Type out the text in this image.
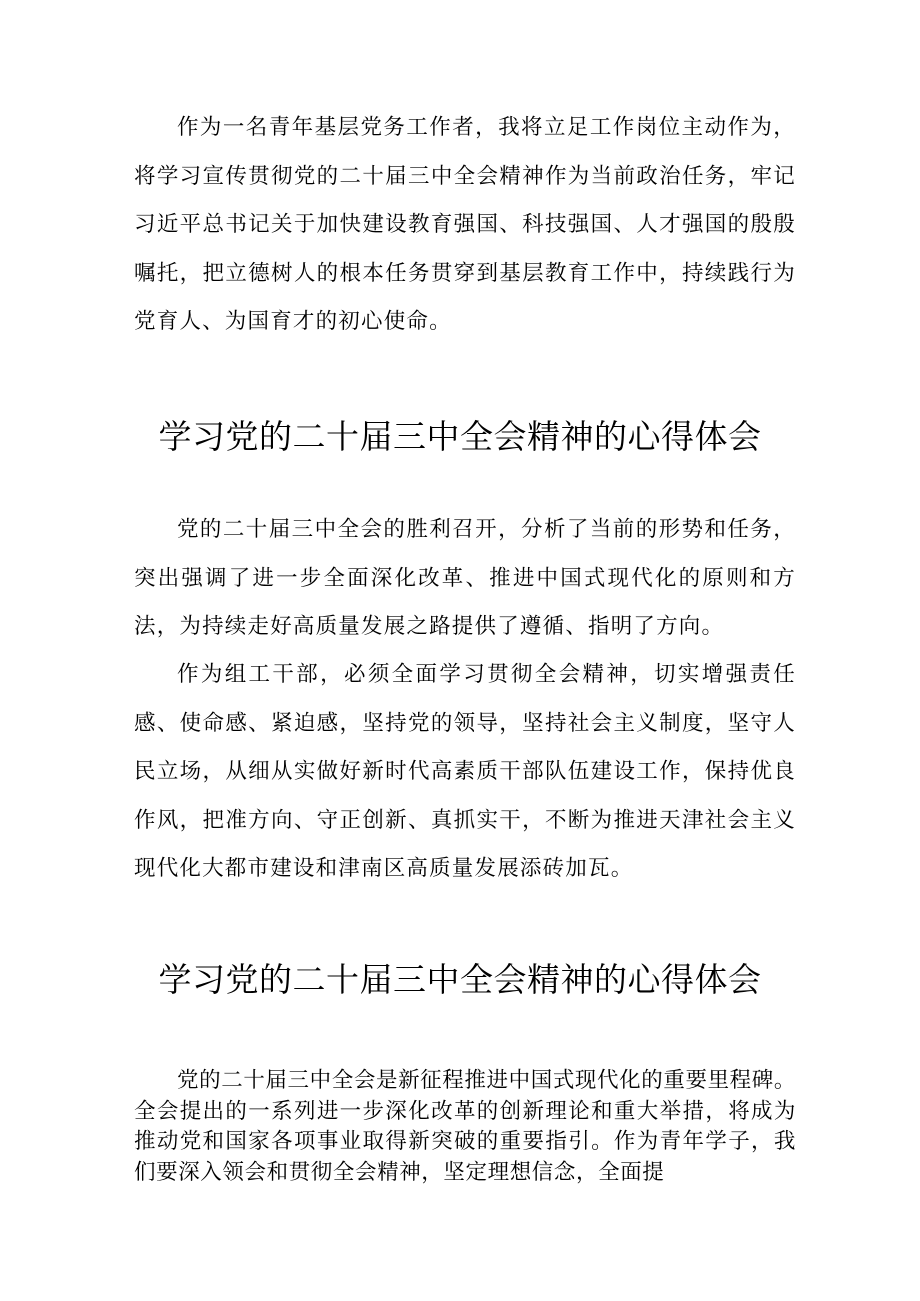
作为一名青年基层党务工作者，我将立足工作岗位主动作为，将学习宣传贯彻党的二十届三中全会精神作为当前政治任务，牢记习近平总书记关于加快建设教育强国、科技强国、人才强国的殷殷嘱托，把立德树人的根本任务贯穿到基层教育工作中，持续践行为党育人、为国育才的初心使命。

学习党的二十届三中全会精神的心得体会

党的二十届三中全会的胜利召开，分析了当前的形势和任务，突出强调了进一步全面深化改革、推进中国式现代化的原则和方法，为持续走好高质量发展之路提供了遵循、指明了方向。

作为组工干部，必须全面学习贯彻全会精神，切实增强责任感、使命感、紧迫感，坚持党的领导，坚持社会主义制度，坚守人民立场，从细从实做好新时代高素质干部队伍建设工作，保持优良作风，把准方向、守正创新、真抓实干，不断为推进天津社会主义现代化大都市建设和津南区高质量发展添砖加瓦。

学习党的二十届三中全会精神的心得体会

党的二十届三中全会是新征程推进中国式现代化的重要里程碑。全会提出的一系列进一步深化改革的创新理论和重大举措，将成为推动党和国家各项事业取得新突破的重要指引。作为青年学子，我们要深入领会和贯彻全会精神，坚定理想信念，全面提
